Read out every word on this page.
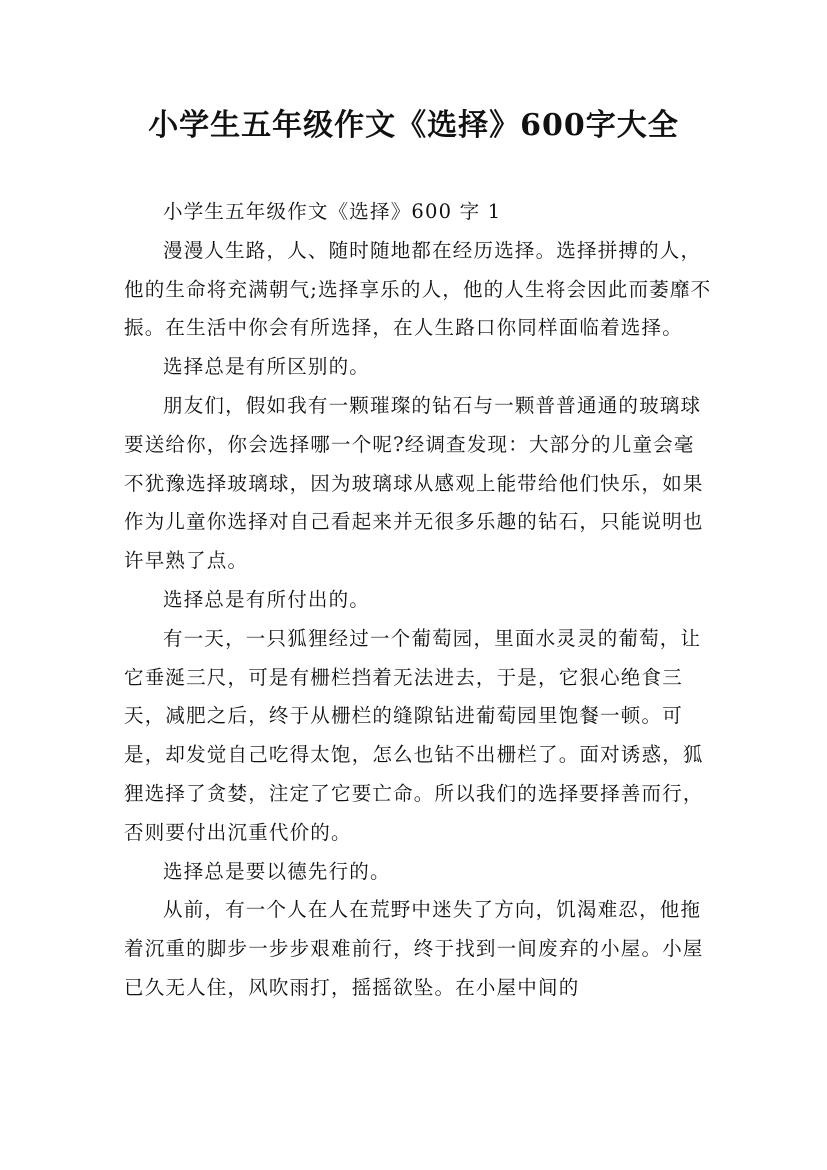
小学生五年级作文《选择》600字大全

小学生五年级作文《选择》600 字 1

漫漫人生路，人、随时随地都在经历选择。选择拼搏的人，他的生命将充满朝气;选择享乐的人，他的人生将会因此而萎靡不振。在生活中你会有所选择，在人生路口你同样面临着选择。

选择总是有所区别的。

朋友们，假如我有一颗璀璨的钻石与一颗普普通通的玻璃球要送给你，你会选择哪一个呢?经调查发现：大部分的儿童会毫不犹豫选择玻璃球，因为玻璃球从感观上能带给他们快乐，如果作为儿童你选择对自己看起来并无很多乐趣的钻石，只能说明也许早熟了点。

选择总是有所付出的。

有一天，一只狐狸经过一个葡萄园，里面水灵灵的葡萄，让它垂涎三尺，可是有栅栏挡着无法进去，于是，它狠心绝食三天，减肥之后，终于从栅栏的缝隙钻进葡萄园里饱餐一顿。可是，却发觉自己吃得太饱，怎么也钻不出栅栏了。面对诱惑，狐狸选择了贪婪，注定了它要亡命。所以我们的选择要择善而行，否则要付出沉重代价的。

选择总是要以德先行的。

从前，有一个人在人在荒野中迷失了方向，饥渴难忍，他拖着沉重的脚步一步步艰难前行，终于找到一间废弃的小屋。小屋已久无人住，风吹雨打，摇摇欲坠。在小屋中间的
